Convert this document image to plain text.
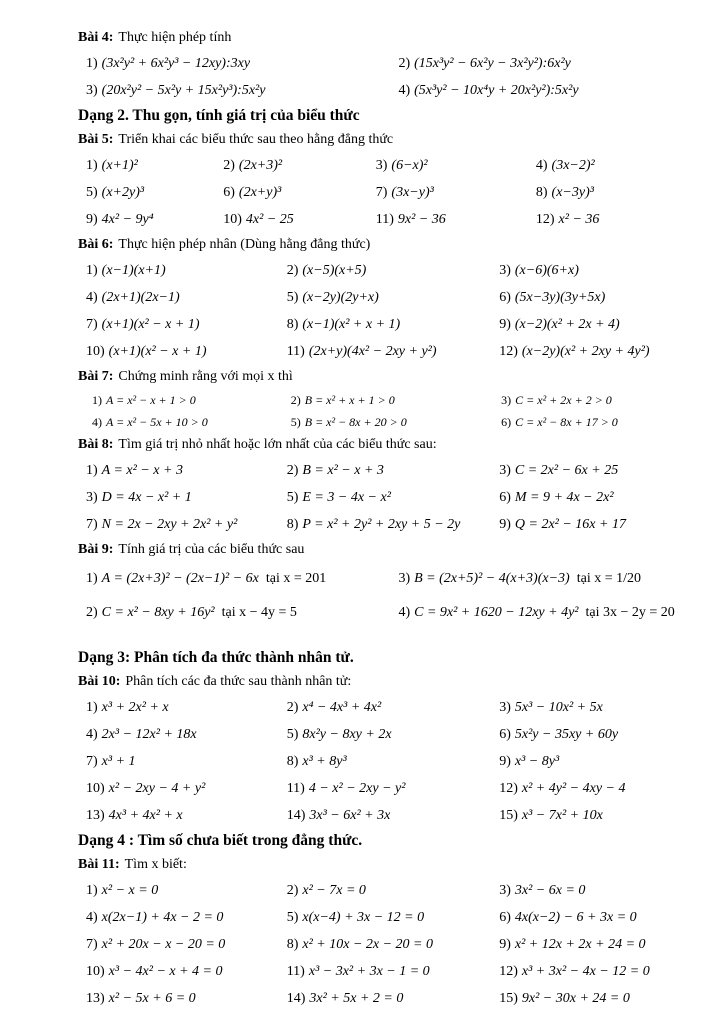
Bài 4: Thực hiện phép tính
1) (3x²y² + 6x²y³ − 12xy):3xy	2) (15x³y² − 6x²y − 3x²y²):6x²y
3) (20x²y² − 5x²y + 15x²y³):5x²y	4) (5x³y² − 10x⁴y + 20x²y²):5x²y
Dạng 2. Thu gọn, tính giá trị của biểu thức
Bài 5: Triển khai các biểu thức sau theo hằng đẳng thức
1) (x+1)²	2) (2x+3)²	3) (6−x)²	4) (3x−2)²
5) (x+2y)³	6) (2x+y)³	7) (3x−y)³	8) (x−3y)³
9) 4x² − 9y⁴	10) 4x² − 25	11) 9x² − 36	12) x² − 36
Bài 6: Thực hiện phép nhân (Dùng hằng đẳng thức)
1) (x−1)(x+1)	2) (x−5)(x+5)	3) (x−6)(6+x)
4) (2x+1)(2x−1)	5) (x−2y)(2y+x)	6) (5x−3y)(3y+5x)
7) (x+1)(x² − x + 1)	8) (x−1)(x² + x + 1)	9) (x−2)(x² + 2x + 4)
10) (x+1)(x² − x + 1)	11) (2x+y)(4x² − 2xy + y²)	12) (x−2y)(x² + 2xy + 4y²)
Bài 7: Chứng minh rằng với mọi x thì
1) A = x² − x + 1 > 0	2) B = x² + x + 1 > 0	3) C = x² + 2x + 2 > 0
4) A = x² − 5x + 10 > 0	5) B = x² − 8x + 20 > 0	6) C = x² − 8x + 17 > 0
Bài 8: Tìm giá trị nhỏ nhất hoặc lớn nhất của các biểu thức sau:
1) A = x² − x + 3	2) B = x² − x + 3	3) C = 2x² − 6x + 25
3) D = 4x − x² + 1	5) E = 3 − 4x − x²	6) M = 9 + 4x − 2x²
7) N = 2x − 2xy + 2x² + y²	8) P = x² + 2y² + 2xy + 5 − 2y	9) Q = 2x² − 16x + 17
Bài 9: Tính giá trị của các biểu thức sau
1) A = (2x+3)² − (2x−1)² − 6x tại x = 201	3) B = (2x+5)² − 4(x+3)(x−3) tại x = 1/20
2) C = x² − 8xy + 16y² tại x − 4y = 5	4) C = 9x² + 1620 − 12xy + 4y² tại 3x − 2y = 20
Dạng 3: Phân tích đa thức thành nhân tử.
Bài 10: Phân tích các đa thức sau thành nhân tử:
1) x³ + 2x² + x	2) x⁴ − 4x³ + 4x²	3) 5x³ − 10x² + 5x
4) 2x³ − 12x² + 18x	5) 8x²y − 8xy + 2x	6) 5x²y − 35xy + 60y
7) x³ + 1	8) x³ + 8y³	9) x³ − 8y³
10) x² − 2xy − 4 + y²	11) 4 − x² − 2xy − y²	12) x² + 4y² − 4xy − 4
13) 4x³ + 4x² + x	14) 3x³ − 6x² + 3x	15) x³ − 7x² + 10x
Dạng 4 : Tìm số chưa biết trong đẳng thức.
Bài 11: Tìm x biết:
1) x² − x = 0	2) x² − 7x = 0	3) 3x² − 6x = 0
4) x(2x−1) + 4x − 2 = 0	5) x(x−4) + 3x − 12 = 0	6) 4x(x−2) − 6 + 3x = 0
7) x² + 20x − x − 20 = 0	8) x² + 10x − 2x − 20 = 0	9) x² + 12x + 2x + 24 = 0
10) x³ − 4x² − x + 4 = 0	11) x³ − 3x² + 3x − 1 = 0	12) x³ + 3x² − 4x − 12 = 0
13) x² − 5x + 6 = 0	14) 3x² + 5x + 2 = 0	15) 9x² − 30x + 24 = 0
